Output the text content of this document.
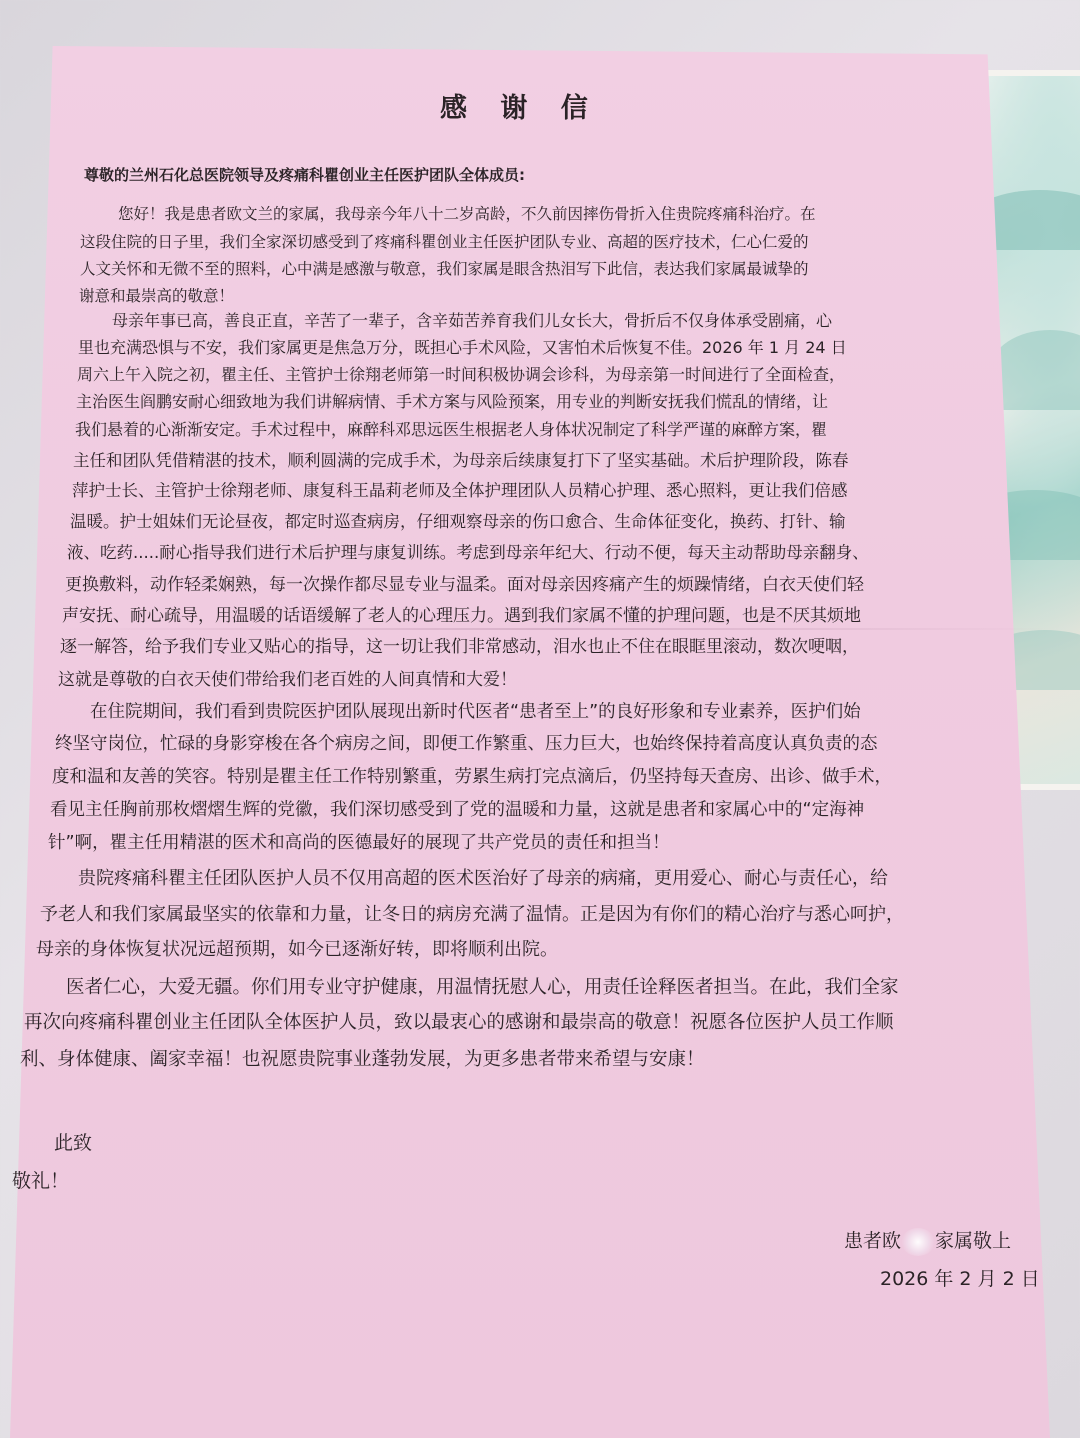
感 谢 信
尊敬的兰州石化总医院领导及疼痛科瞿创业主任医护团队全体成员:
您好！我是患者欧文兰的家属，我母亲今年八十二岁高龄，不久前因摔伤骨折入住贵院疼痛科治疗。在
这段住院的日子里，我们全家深切感受到了疼痛科瞿创业主任医护团队专业、高超的医疗技术，仁心仁爱的
人文关怀和无微不至的照料，心中满是感激与敬意，我们家属是眼含热泪写下此信，表达我们家属最诚挚的
谢意和最崇高的敬意！
母亲年事已高，善良正直，辛苦了一辈子，含辛茹苦养育我们儿女长大，骨折后不仅身体承受剧痛，心
里也充满恐惧与不安，我们家属更是焦急万分，既担心手术风险，又害怕术后恢复不佳。2026 年 1 月 24 日
周六上午入院之初，瞿主任、主管护士徐翔老师第一时间积极协调会诊科，为母亲第一时间进行了全面检查，
主治医生阎鹏安耐心细致地为我们讲解病情、手术方案与风险预案，用专业的判断安抚我们慌乱的情绪，让
我们悬着的心渐渐安定。手术过程中，麻醉科邓思远医生根据老人身体状况制定了科学严谨的麻醉方案，瞿
主任和团队凭借精湛的技术，顺利圆满的完成手术，为母亲后续康复打下了坚实基础。术后护理阶段，陈春
萍护士长、主管护士徐翔老师、康复科王晶莉老师及全体护理团队人员精心护理、悉心照料，更让我们倍感
温暖。护士姐妹们无论昼夜，都定时巡查病房，仔细观察母亲的伤口愈合、生命体征变化，换药、打针、输
液、吃药.....耐心指导我们进行术后护理与康复训练。考虑到母亲年纪大、行动不便，每天主动帮助母亲翻身、
更换敷料，动作轻柔娴熟，每一次操作都尽显专业与温柔。面对母亲因疼痛产生的烦躁情绪，白衣天使们轻
声安抚、耐心疏导，用温暖的话语缓解了老人的心理压力。遇到我们家属不懂的护理问题，也是不厌其烦地
逐一解答，给予我们专业又贴心的指导，这一切让我们非常感动，泪水也止不住在眼眶里滚动，数次哽咽，
这就是尊敬的白衣天使们带给我们老百姓的人间真情和大爱！
在住院期间，我们看到贵院医护团队展现出新时代医者“患者至上”的良好形象和专业素养，医护们始
终坚守岗位，忙碌的身影穿梭在各个病房之间，即便工作繁重、压力巨大，也始终保持着高度认真负责的态
度和温和友善的笑容。特别是瞿主任工作特别繁重，劳累生病打完点滴后，仍坚持每天查房、出诊、做手术，
看见主任胸前那枚熠熠生辉的党徽，我们深切感受到了党的温暖和力量，这就是患者和家属心中的“定海神
针”啊，瞿主任用精湛的医术和高尚的医德最好的展现了共产党员的责任和担当！
贵院疼痛科瞿主任团队医护人员不仅用高超的医术医治好了母亲的病痛，更用爱心、耐心与责任心，给
予老人和我们家属最坚实的依靠和力量，让冬日的病房充满了温情。正是因为有你们的精心治疗与悉心呵护，
母亲的身体恢复状况远超预期，如今已逐渐好转，即将顺利出院。
医者仁心，大爱无疆。你们用专业守护健康，用温情抚慰人心，用责任诠释医者担当。在此，我们全家
再次向疼痛科瞿创业主任团队全体医护人员，致以最衷心的感谢和最崇高的敬意！祝愿各位医护人员工作顺
利、身体健康、阖家幸福！也祝愿贵院事业蓬勃发展，为更多患者带来希望与安康！
此致
敬礼！
患者欧 家属敬上
2026 年 2 月 2 日
